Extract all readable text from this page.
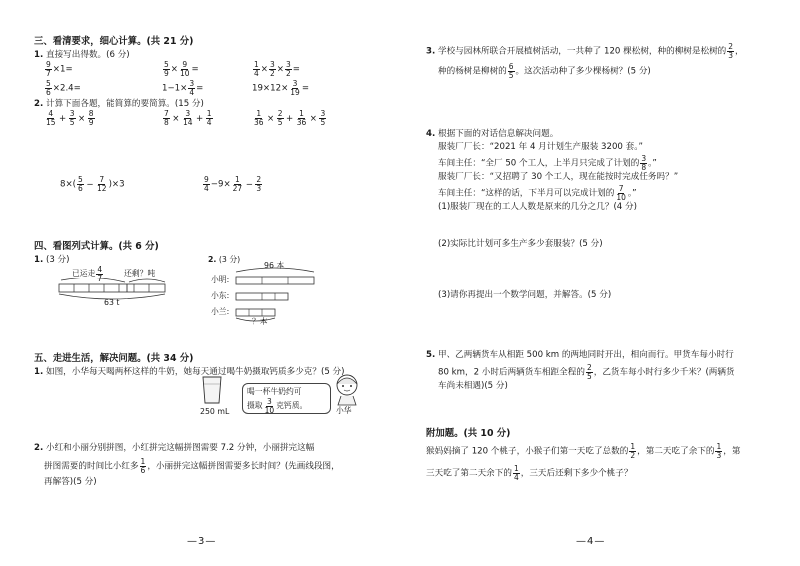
三、看清要求，细心计算。(共 21 分)
1. 直接写出得数。(6 分)
$\frac{9}{7} \times 1=$	$\frac{5}{9} \times \frac{9}{10}$ =	$\frac{1}{4} \times \frac{3}{2} \times \frac{3}{2}$ =
$\frac{5}{6} \times 2.4=$	$1-1\times \frac{3}{4}$ =	$19\times 12\times \frac{3}{19}$ =
2. 计算下面各题，能简算的要简算。(15 分)
$\frac{4}{15} + \frac{3}{5} \times \frac{8}{9}$	$\frac{7}{8} \times \frac{3}{14} + \frac{1}{4}$	$\frac{1}{36} \times \frac{2}{5} + \frac{1}{36} \times \frac{3}{5}$
$8\times( \frac{5}{6} - \frac{7}{12} )\times 3$	$\frac{9}{4} -9\times \frac{1}{27} - \frac{2}{3}$
四、看图列式计算。(共 6 分)
1. (3 分)	2. (3 分)
已运走 $\frac{4}{7}$	还剩？吨
63 t
96 本
小明:
小东:
小兰:
？本
五、走进生活，解决问题。(共 34 分)
1. 如图，小华每天喝两杯这样的牛奶，她每天通过喝牛奶摄取钙质多少克？(5 分)
250 mL
喝一杯牛奶约可
摄取 $\frac{3}{10}$ 克钙质。
小华
2. 小红和小丽分别拼图，小红拼完这幅拼图需要 7.2 分钟，小丽拼完这幅
拼图需要的时间比小红多 $\frac{1}{6}$ ，小丽拼完这幅拼图需要多长时间？(先画线段图，
再解答)(5 分)
—3—
3. 学校与园林所联合开展植树活动，一共种了 120 棵松树，种的柳树是松树的 $\frac{2}{3}$ ，
种的杨树是柳树的 $\frac{6}{5}$ 。这次活动种了多少棵杨树？(5 分)
4. 根据下面的对话信息解决问题。
服装厂厂长：“2021 年 4 月计划生产服装 3200 套。”
车间主任：“全厂 50 个工人，上半月只完成了计划的 $\frac{3}{8}$ 。”
服装厂厂长：“又招聘了 30 个工人，现在能按时完成任务吗？”
车间主任：“这样的话，下半月可以完成计划的 $\frac{7}{10}$ 。”
(1)服装厂现在的工人人数是原来的几分之几？(4 分)
(2)实际比计划可多生产多少套服装？(5 分)
(3)请你再提出一个数学问题，并解答。(5 分)
5. 甲、乙两辆货车从相距 500 km 的两地同时开出，相向而行。甲货车每小时行
80 km，2 小时后两辆货车相距全程的 $\frac{2}{5}$ ，乙货车每小时行多少千米？(两辆货
车尚未相遇)(5 分)
附加题。(共 10 分)
猴妈妈摘了 120 个桃子，小猴子们第一天吃了总数的 $\frac{1}{2}$ ，第二天吃了余下的 $\frac{1}{3}$ ，第
三天吃了第二天余下的 $\frac{1}{4}$ ，三天后还剩下多少个桃子？
—4—
